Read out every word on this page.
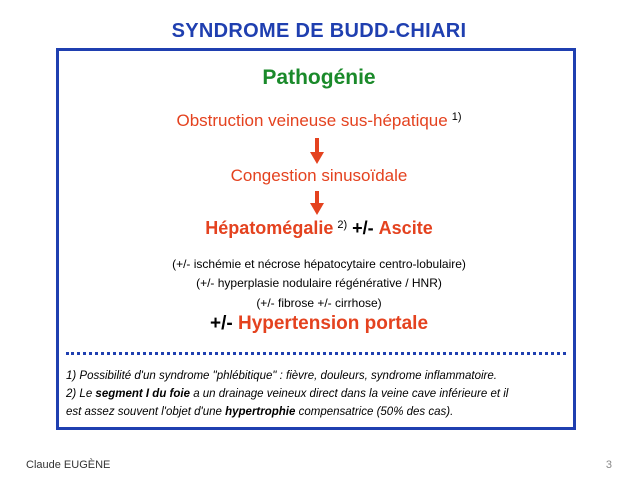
SYNDROME DE BUDD-CHIARI
Pathogénie
Obstruction veineuse sus-hépatique $^{1)}$
Congestion sinusoïdale
Hépatomégalie $^{2)}$ +/- Ascite
(+/- ischémie et nécrose hépatocytaire centro-lobulaire)
(+/- hyperplasie nodulaire régénérative / HNR)
(+/- fibrose +/- cirrhose)
+/- Hypertension portale
1) Possibilité d'un syndrome "phlébitique" : fièvre, douleurs, syndrome inflammatoire.
2) Le segment I du foie a un drainage veineux direct dans la veine cave inférieure et il
est assez souvent l'objet d'une hypertrophie compensatrice (50% des cas).
Claude EUGÈNE	3
